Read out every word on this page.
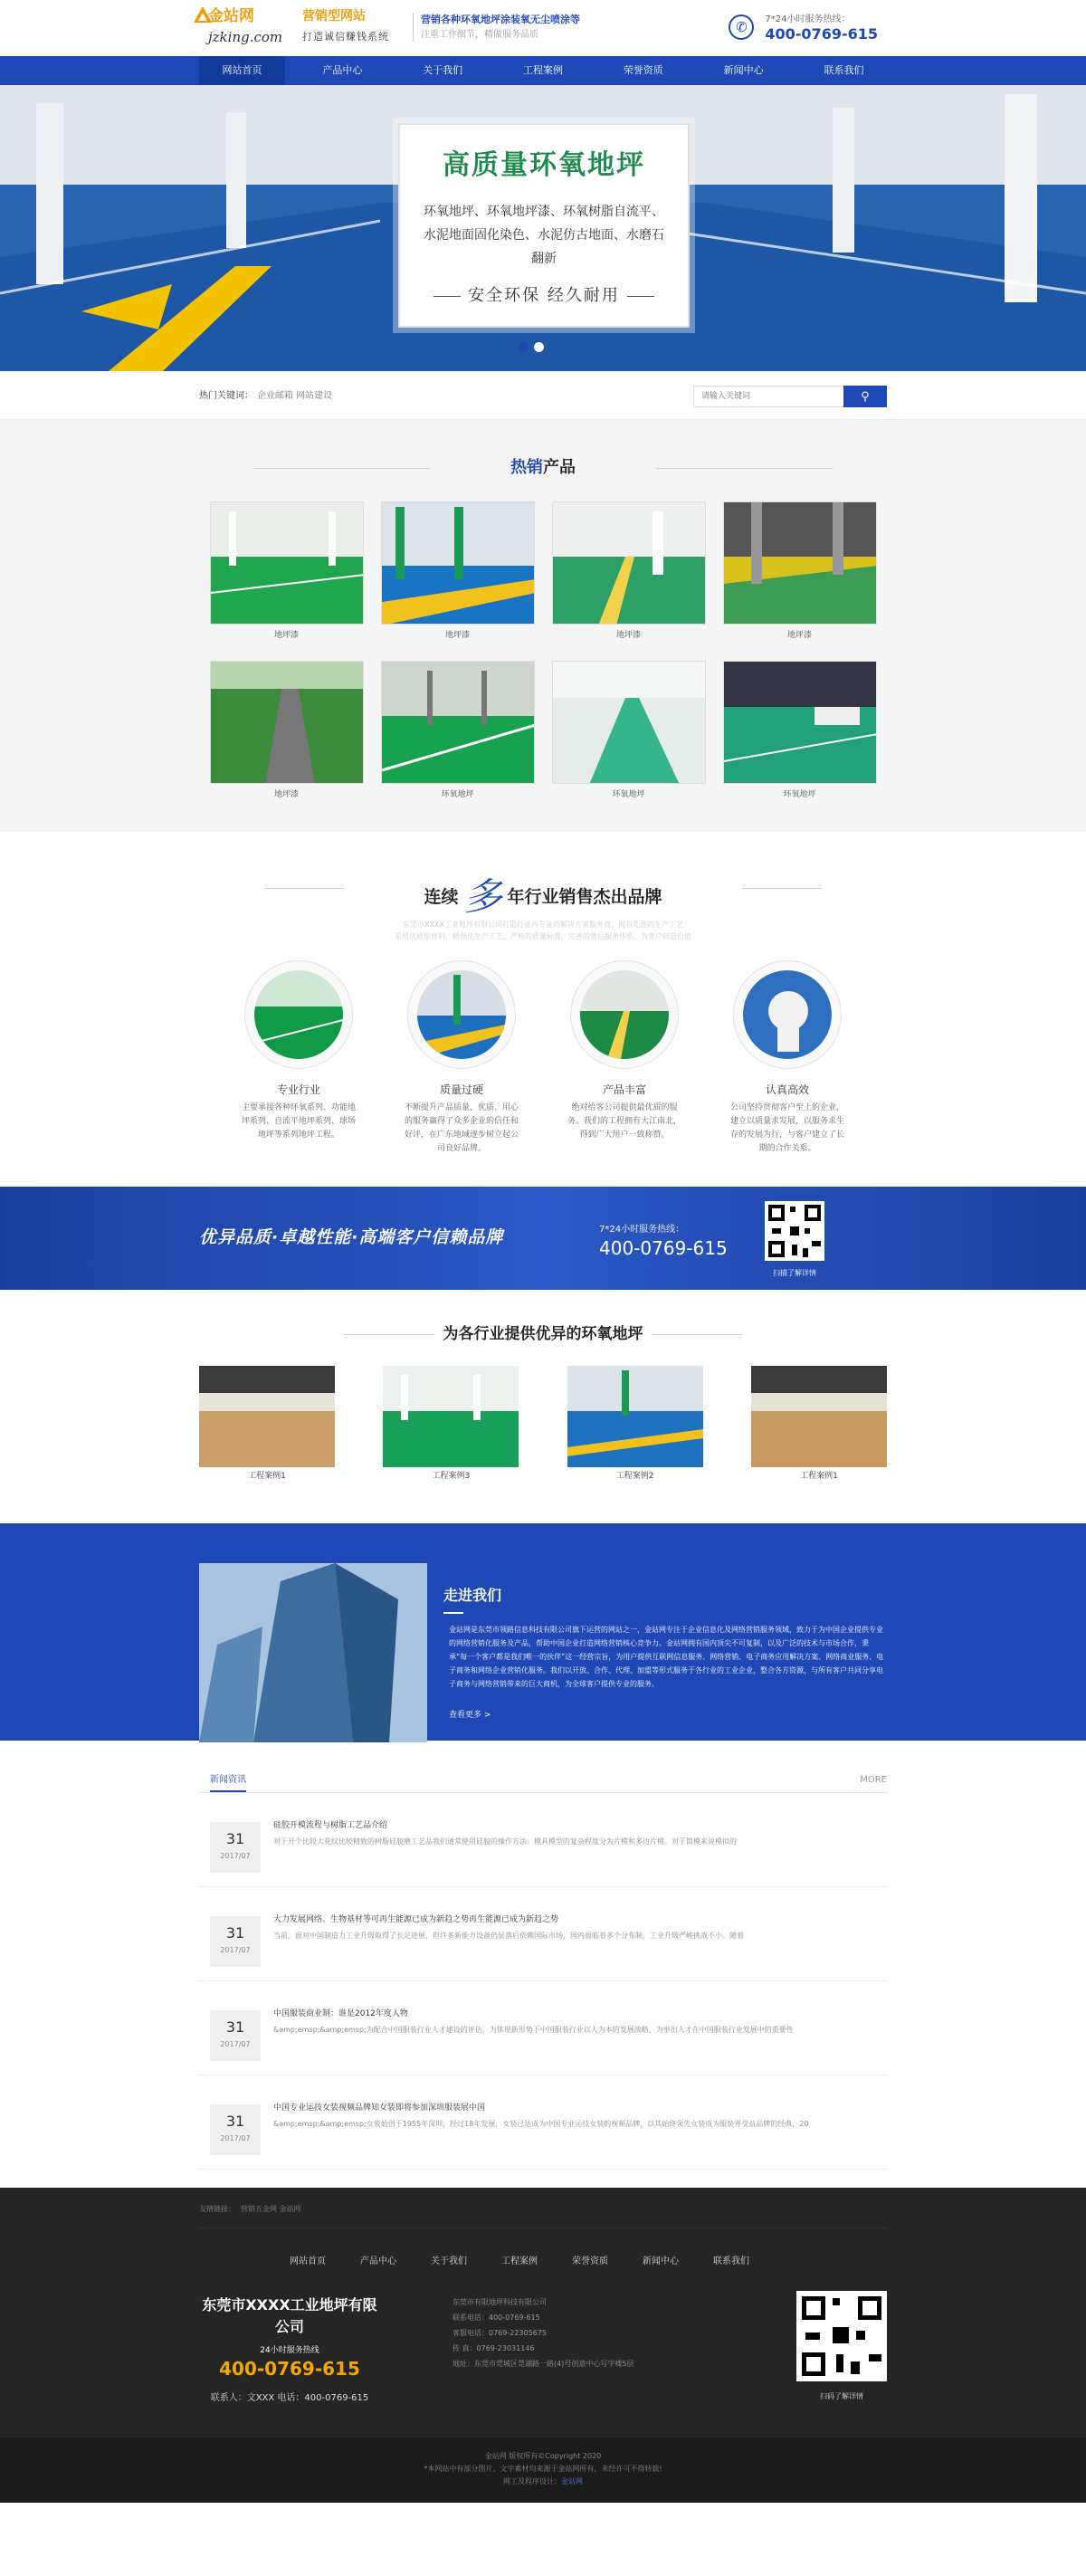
金站网	营销型网站
jzking.com 打造诚信赚钱系统
营销各种环氧地坪涂装氧无尘喷涂等
注重工作细节，精做服务品质	✆	7*24小时服务热线：
400-0769-615
网站首页	产品中心	关于我们	工程案例	荣誉资质	新闻中心	联系我们
高质量环氧地坪
环氧地坪、环氧地坪漆、环氧树脂自流平、水泥地面固化染色、水泥仿古地面、水磨石翻新
安全环保 经久耐用
热门关键词： 企业邮箱 网站建设
请输入关键词	⚲
热销产品
地坪漆	地坪漆	地坪漆	地坪漆
地坪漆	环氧地坪	环氧地坪	环氧地坪
连续 多 年行业销售杰出品牌
东莞市XXXX工业地坪有限公司打造行业内专业的解决方案服务商，拥有先进的生产工艺
采用优质原材料，精细化生产工艺，严格的质量标准，完善的售后服务体系，为客户创造价值
专业行业
主要承接各种环氧系列、功能地坪系列、自流平地坪系列、球场地坪等系列地坪工程。
质量过硬
不断提升产品质量，优质、用心的服务赢得了众多企业的信任和好评，在广东地域逐步树立起公司良好品牌。
产品丰富
绝对给客公司提供最优质的服务。我们的工程拥有大江南北，得到广大用户一致称赞。
认真高效
公司坚持贯彻客户至上的企业，建立以质量求发展，以服务求生存的发展为行，与客户建立了长期的合作关系。
优异品质·卓越性能·高端客户信赖品牌	7*24小时服务热线：
400-0769-615
扫描了解详情
为各行业提供优异的环氧地坪
工程案例1	工程案例3	工程案例2	工程案例1
走进我们
金站网是东莞市领路信息科技有限公司旗下运营的网站之一，金站网专注于企业信息化及网络营销服务领域，致力于为中国企业提供专业的网络营销化服务及产品，帮助中国企业打造网络营销核心竞争力。金站网拥有国内顶尖不可复制，以及广泛的技术与市场合作，秉承“每一个客户都是我们唯一的伙伴”这一经营宗旨，为用户提供互联网信息服务、网络营销、电子商务应用解决方案、网络商业服务、电子商务和网络企业营销化服务。我们以开放、合作、代理、加盟等形式服务于各行业的工业企业，整合各方资源，与所有客户共同分享电子商务与网络营销带来的巨大商机，为全球客户提供专业的服务。
查看更多 >
新闻资讯	MORE
31
2017/07
硅胶开模流程与树脂工艺品介绍
对于开个比较大花纹比较精致的树脂硅胶磨工艺品我们通常使用硅胶的操作方法：模具模型的复杂程度分为片模和多边片模。对于简模来说模拟的
31
2017/07
大力发展网络、生物基材等可再生能源已成为新趋之势再生能源已成为新趋之势
当前，面对中国制造力工业升级取得了长足进展，但许多新能力设备仍显落后依赖国际市场，国内面临着多个分布制，工业升级严峻挑战不小。随着
31
2017/07
中国服装商业制：谁是2012年度人物
&amp;emsp;&amp;emsp;为配合中国服装行业人才建设的评估，为体现新形势下中国服装行业以人为本的发展战略，为举出人才在中国服装行业发展中的重要性
31
2017/07
中国专业运技女装视频品牌知女装即将参加深圳服装展中国
&amp;emsp;&amp;emsp;女装始创于1955年深圳，经过18年发展，女装已达成为中国专业运技女装的视频品牌，以其始终领先女装成为服装界受益品牌的经典，20
友情链接： 营销五金网 金站网
网站首页	产品中心	关于我们	工程案例	荣誉资质	新闻中心	联系我们
东莞市XXXX工业地坪有限公司
24小时服务热线
400-0769-615
联系人：文XXX 电话：400-0769-615
东莞市有限地坪科技有限公司
联系电话：400-0769-615
客服电话：0769-22305675
传 真：0769-23031146
地址：东莞市莞城区莞湖路一路(4)号创意中心写字楼5层
扫码了解详情
金站网 版权所有©Copyright 2020
*本网站中有部分图片、文字素材均来源于金站网所有，未经许可不得转载!
网工及程序设计：金站网
